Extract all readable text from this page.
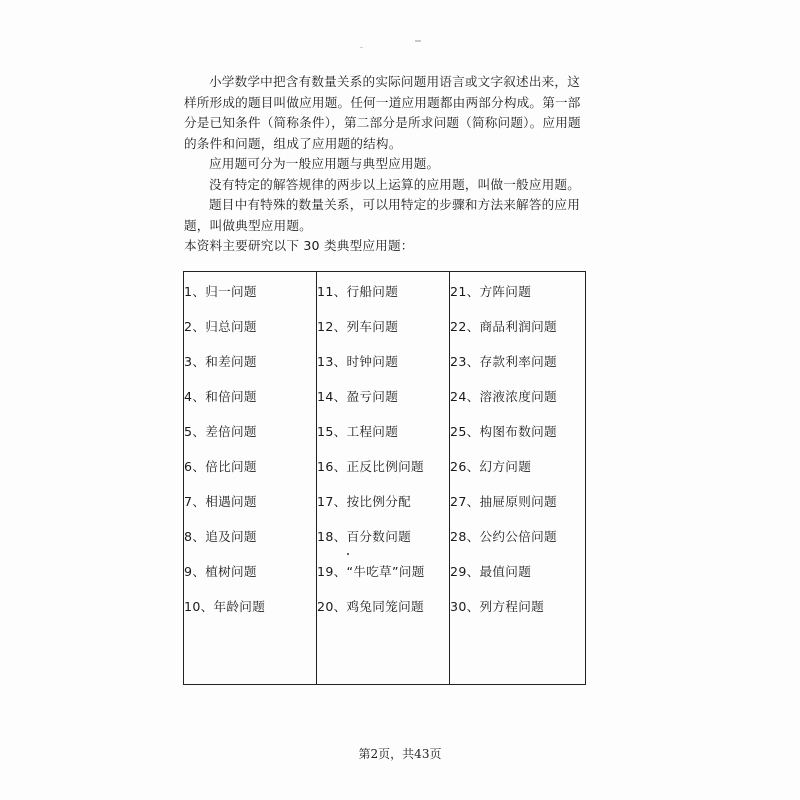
小学数学中把含有数量关系的实际问题用语言或文字叙述出来，这样所形成的题目叫做应用题。任何一道应用题都由两部分构成。第一部分是已知条件（简称条件），第二部分是所求问题（简称问题）。应用题的条件和问题，组成了应用题的结构。

应用题可分为一般应用题与典型应用题。

没有特定的解答规律的两步以上运算的应用题，叫做一般应用题。

题目中有特殊的数量关系，可以用特定的步骤和方法来解答的应用题，叫做典型应用题。

本资料主要研究以下 30 类典型应用题：

1、归一问题
2、归总问题
3、和差问题
4、和倍问题
5、差倍问题
6、倍比问题
7、相遇问题
8、追及问题
9、植树问题
10、年龄问题
11、行船问题
12、列车问题
13、时钟问题
14、盈亏问题
15、工程问题
16、正反比例问题
17、按比例分配
18、百分数问题
19、“牛吃草”问题
20、鸡兔同笼问题
21、方阵问题
22、商品利润问题
23、存款利率问题
24、溶液浓度问题
25、构图布数问题
26、幻方问题
27、抽屉原则问题
28、公约公倍问题
29、最值问题
30、列方程问题
第2页，共43页
